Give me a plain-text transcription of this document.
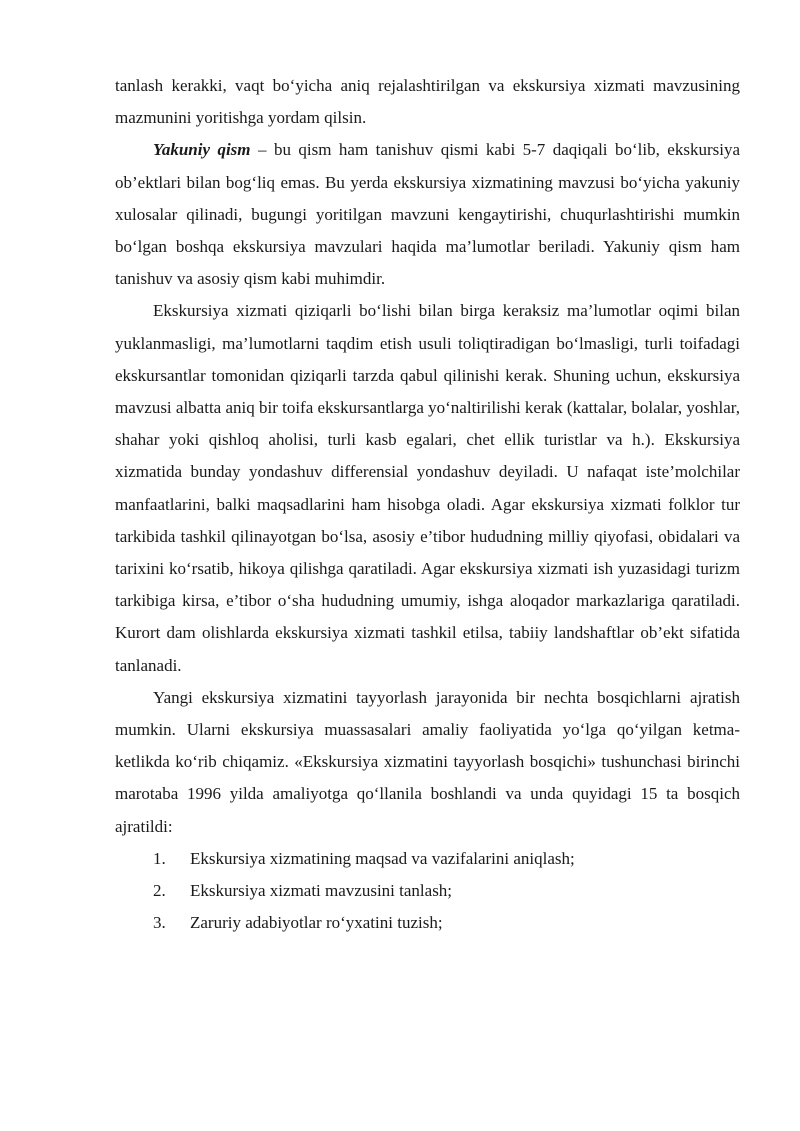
tanlash kerakki, vaqt bo‘yicha aniq rejalashtirilgan va ekskursiya xizmati mavzusining mazmunini yoritishga yordam qilsin.

Yakuniy qism – bu qism ham tanishuv qismi kabi 5-7 daqiqali bo‘lib, ekskursiya ob’ektlari bilan bog‘liq emas. Bu yerda ekskursiya xizmatining mavzusi bo‘yicha yakuniy xulosalar qilinadi, bugungi yoritilgan mavzuni kengaytirishi, chuqurlashtirishi mumkin bo‘lgan boshqa ekskursiya mavzulari haqida ma’lumotlar beriladi. Yakuniy qism ham tanishuv va asosiy qism kabi muhimdir.

Ekskursiya xizmati qiziqarli bo‘lishi bilan birga keraksiz ma’lumotlar oqimi bilan yuklanmasligi, ma’lumotlarni taqdim etish usuli toliqtiradigan bo‘lmasligi, turli toifadagi ekskursantlar tomonidan qiziqarli tarzda qabul qilinishi kerak. Shuning uchun, ekskursiya mavzusi albatta aniq bir toifa ekskursantlarga yo‘naltirilishi kerak (kattalar, bolalar, yoshlar, shahar yoki qishloq aholisi, turli kasb egalari, chet ellik turistlar va h.). Ekskursiya xizmatida bunday yondashuv differensial yondashuv deyiladi. U nafaqat iste’molchilar manfaatlarini, balki maqsadlarini ham hisobga oladi. Agar ekskursiya xizmati folklor tur tarkibida tashkil qilinayotgan bo‘lsa, asosiy e’tibor hududning milliy qiyofasi, obidalari va tarixini ko‘rsatib, hikoya qilishga qaratiladi. Agar ekskursiya xizmati ish yuzasidagi turizm tarkibiga kirsa, e’tibor o‘sha hududning umumiy, ishga aloqador markazlariga qaratiladi. Kurort dam olishlarda ekskursiya xizmati tashkil etilsa, tabiiy landshaftlar ob’ekt sifatida tanlanadi.

Yangi ekskursiya xizmatini tayyorlash jarayonida bir nechta bosqichlarni ajratish mumkin. Ularni ekskursiya muassasalari amaliy faoliyatida yo‘lga qo‘yilgan ketma-ketlikda ko‘rib chiqamiz. «Ekskursiya xizmatini tayyorlash bosqichi» tushunchasi birinchi marotaba 1996 yilda amaliyotga qo‘llanila boshlandi va unda quyidagi 15 ta bosqich ajratildi:

1.	Ekskursiya xizmatining maqsad va vazifalarini aniqlash;
2.	Ekskursiya xizmati mavzusini tanlash;
3.	Zaruriy adabiyotlar ro‘yxatini tuzish;
